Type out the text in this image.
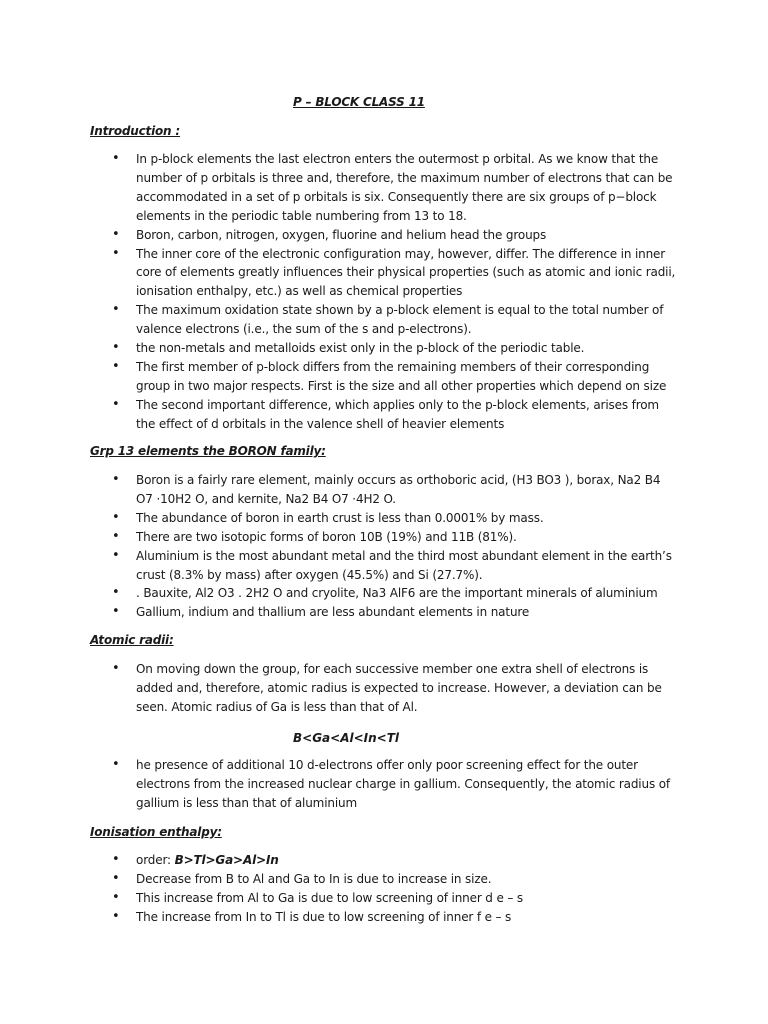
P – BLOCK CLASS 11
Introduction :
• In p-block elements the last electron enters the outermost p orbital. As we know that the number of p orbitals is three and, therefore, the maximum number of electrons that can be accommodated in a set of p orbitals is six. Consequently there are six groups of p−block elements in the periodic table numbering from 13 to 18.
• Boron, carbon, nitrogen, oxygen, fluorine and helium head the groups
• The inner core of the electronic configuration may, however, differ. The difference in inner core of elements greatly influences their physical properties (such as atomic and ionic radii, ionisation enthalpy, etc.) as well as chemical properties
• The maximum oxidation state shown by a p-block element is equal to the total number of valence electrons (i.e., the sum of the s and p-electrons).
• the non-metals and metalloids exist only in the p-block of the periodic table.
• The first member of p-block differs from the remaining members of their corresponding group in two major respects. First is the size and all other properties which depend on size
• The second important difference, which applies only to the p-block elements, arises from the effect of d orbitals in the valence shell of heavier elements
Grp 13 elements the BORON family:
• Boron is a fairly rare element, mainly occurs as orthoboric acid, (H3 BO3 ), borax, Na2 B4 O7 ·10H2 O, and kernite, Na2 B4 O7 ·4H2 O.
• The abundance of boron in earth crust is less than 0.0001% by mass.
• There are two isotopic forms of boron 10B (19%) and 11B (81%).
• Aluminium is the most abundant metal and the third most abundant element in the earth’s crust (8.3% by mass) after oxygen (45.5%) and Si (27.7%).
• . Bauxite, Al2 O3 . 2H2 O and cryolite, Na3 AlF6 are the important minerals of aluminium
• Gallium, indium and thallium are less abundant elements in nature
Atomic radii:
• On moving down the group, for each successive member one extra shell of electrons is added and, therefore, atomic radius is expected to increase. However, a deviation can be seen. Atomic radius of Ga is less than that of Al.
B<Ga<Al<In<Tl
• he presence of additional 10 d-electrons offer only poor screening effect for the outer electrons from the increased nuclear charge in gallium. Consequently, the atomic radius of gallium is less than that of aluminium
Ionisation enthalpy:
• order: B>Tl>Ga>Al>In
• Decrease from B to Al and Ga to In is due to increase in size.
• This increase from Al to Ga is due to low screening of inner d e – s
• The increase from In to Tl is due to low screening of inner f e – s
